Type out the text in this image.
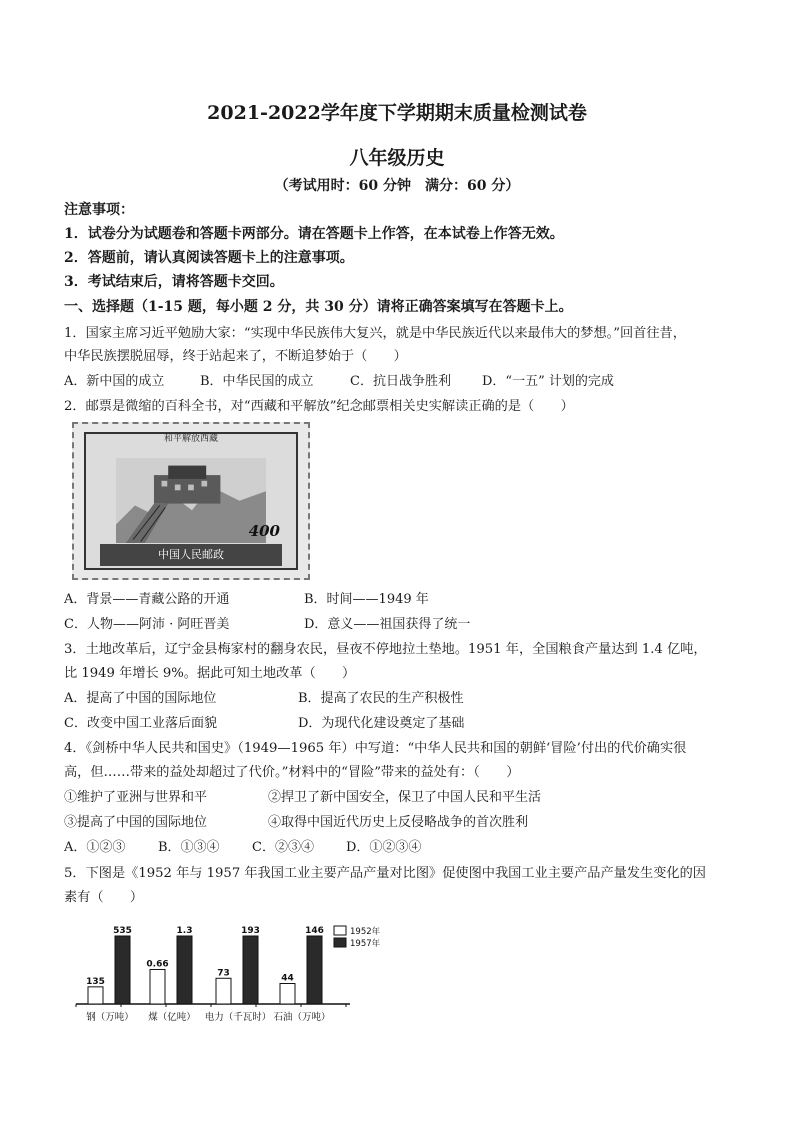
2021-2022学年度下学期期末质量检测试卷
八年级历史
（考试用时：60 分钟　满分：60 分）
注意事项：
1．试卷分为试题卷和答题卡两部分。请在答题卡上作答，在本试卷上作答无效。
2．答题前，请认真阅读答题卡上的注意事项。
3．考试结束后，请将答题卡交回。
一、选择题（1-15 题，每小题 2 分，共 30 分）请将正确答案填写在答题卡上。
1．国家主席习近平勉励大家：“实现中华民族伟大复兴，就是中华民族近代以来最伟大的梦想。”回首往昔，
中华民族摆脱屈辱，终于站起来了，不断追梦始于（　　）
A．新中国的成立	B．中华民国的成立	C．抗日战争胜利 D．“一五” 计划的完成
2．邮票是微缩的百科全书，对“西藏和平解放”纪念邮票相关史实解读正确的是（　　）
和平解放西藏
400
中国人民邮政
A．背景——青藏公路的开通	B．时间——1949 年
C．人物——阿沛 · 阿旺晋美	D．意义——祖国获得了统一
3．土地改革后，辽宁金县梅家村的翻身农民，昼夜不停地拉土垫地。1951 年，全国粮食产量达到 1.4 亿吨，
比 1949 年增长 9%。据此可知土地改革（　　）
A．提高了中国的国际地位	B．提高了农民的生产积极性
C．改变中国工业落后面貌	D．为现代化建设奠定了基础
4．《剑桥中华人民共和国史》（1949—1965 年）中写道：“中华人民共和国的朝鲜‘冒险’付出的代价确实很
高，但……带来的益处却超过了代价。”材料中的“冒险”带来的益处有：（　　）
①维护了亚洲与世界和平	②捍卫了新中国安全，保卫了中国人民和平生活
③提高了中国的国际地位	④取得中国近代历史上反侵略战争的首次胜利
A．①②③	B．①③④ C．②③④ D．①②③④
5．下图是《1952 年与 1957 年我国工业主要产品产量对比图》促使图中我国工业主要产品产量发生变化的因
素有（　　）
135
535
钢（万吨）
0.66
1.3
煤（亿吨）
73
193
电力（千瓦时）
44
146
石油（万吨）
1952年
1957年
